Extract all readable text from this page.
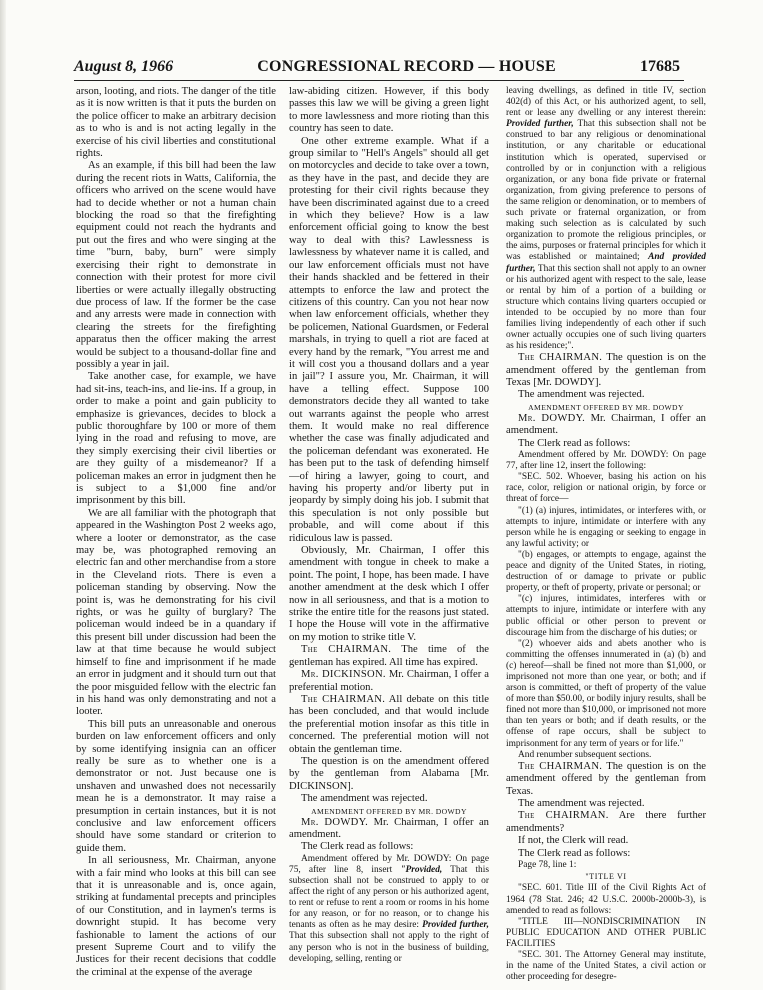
August 8, 1966	CONGRESSIONAL RECORD — HOUSE	17685

arson, looting, and riots. The danger of the title as it is now written is that it puts the burden on the police officer to make an arbitrary decision as to who is and is not acting legally in the exercise of his civil liberties and constitutional rights.

As an example, if this bill had been the law during the recent riots in Watts, California, the officers who arrived on the scene would have had to decide whether or not a human chain blocking the road so that the firefighting equipment could not reach the hydrants and put out the fires and who were singing at the time "burn, baby, burn" were simply exercising their right to demonstrate in connection with their protest for more civil liberties or were actually illegally obstructing due process of law. If the former be the case and any arrests were made in connection with clearing the streets for the firefighting apparatus then the officer making the arrest would be subject to a thousand-dollar fine and possibly a year in jail.

Take another case, for example, we have had sit-ins, teach-ins, and lie-ins. If a group, in order to make a point and gain publicity to emphasize is grievances, decides to block a public thoroughfare by 100 or more of them lying in the road and refusing to move, are they simply exercising their civil liberties or are they guilty of a misdemeanor? If a policeman makes an error in judgment then he is subject to a $1,000 fine and/or imprisonment by this bill.

We are all familiar with the photograph that appeared in the Washington Post 2 weeks ago, where a looter or demonstrator, as the case may be, was photographed removing an electric fan and other merchandise from a store in the Cleveland riots. There is even a policeman standing by observing. Now the point is, was he demonstrating for his civil rights, or was he guilty of burglary? The policeman would indeed be in a quandary if this present bill under discussion had been the law at that time because he would subject himself to fine and imprisonment if he made an error in judgment and it should turn out that the poor misguided fellow with the electric fan in his hand was only demonstrating and not a looter.

This bill puts an unreasonable and onerous burden on law enforcement officers and only by some identifying insignia can an officer really be sure as to whether one is a demonstrator or not. Just because one is unshaven and unwashed does not necessarily mean he is a demonstrator. It may raise a presumption in certain instances, but it is not conclusive and law enforcement officers should have some standard or criterion to guide them.

In all seriousness, Mr. Chairman, anyone with a fair mind who looks at this bill can see that it is unreasonable and is, once again, striking at fundamental precepts and principles of our Constitution, and in laymen's terms is downright stupid. It has become very fashionable to lament the actions of our present Supreme Court and to vilify the Justices for their recent decisions that coddle the criminal at the expense of the average

law-abiding citizen. However, if this body passes this law we will be giving a green light to more lawlessness and more rioting than this country has seen to date.

One other extreme example. What if a group similar to "Hell's Angels" should all get on motorcycles and decide to take over a town, as they have in the past, and decide they are protesting for their civil rights because they have been discriminated against due to a creed in which they believe? How is a law enforcement official going to know the best way to deal with this? Lawlessness is lawlessness by whatever name it is called, and our law enforcement officials must not have their hands shackled and be fettered in their attempts to enforce the law and protect the citizens of this country. Can you not hear now when law enforcement officials, whether they be policemen, National Guardsmen, or Federal marshals, in trying to quell a riot are faced at every hand by the remark, "You arrest me and it will cost you a thousand dollars and a year in jail"? I assure you, Mr. Chairman, it will have a telling effect. Suppose 100 demonstrators decide they all wanted to take out warrants against the people who arrest them. It would make no real difference whether the case was finally adjudicated and the policeman defendant was exonerated. He has been put to the task of defending himself—of hiring a lawyer, going to court, and having his property and/or liberty put in jeopardy by simply doing his job. I submit that this speculation is not only possible but probable, and will come about if this ridiculous law is passed.

Obviously, Mr. Chairman, I offer this amendment with tongue in cheek to make a point. The point, I hope, has been made. I have another amendment at the desk which I offer now in all seriousness, and that is a motion to strike the entire title for the reasons just stated. I hope the House will vote in the affirmative on my motion to strike title V.

The CHAIRMAN. The time of the gentleman has expired. All time has expired.

Mr. DICKINSON. Mr. Chairman, I offer a preferential motion.

The CHAIRMAN. All debate on this title has been concluded, and that would include the preferential motion insofar as this title in concerned. The preferential motion will not obtain the gentleman time.

The question is on the amendment offered by the gentleman from Alabama [Mr. DICKINSON].

The amendment was rejected.

AMENDMENT OFFERED BY MR. DOWDY

Mr. DOWDY. Mr. Chairman, I offer an amendment.

The Clerk read as follows:

Amendment offered by Mr. DOWDY: On page 75, after line 8, insert "Provided, That this subsection shall not be construed to apply to or affect the right of any person or his authorized agent, to rent or refuse to rent a room or rooms in his home for any reason, or for no reason, or to change his tenants as often as he may desire: Provided further, That this subsection shall not apply to the right of any person who is not in the business of building, developing, selling, renting or

leaving dwellings, as defined in title IV, section 402(d) of this Act, or his authorized agent, to sell, rent or lease any dwelling or any interest therein: Provided further, That this subsection shall not be construed to bar any religious or denominational institution, or any charitable or educational institution which is operated, supervised or controlled by or in conjunction with a religious organization, or any bona fide private or fraternal organization, from giving preference to persons of the same religion or denomination, or to members of such private or fraternal organization, or from making such selection as is calculated by such organization to promote the religious principles, or the aims, purposes or fraternal principles for which it was established or maintained; And provided further, That this section shall not apply to an owner or his authorized agent with respect to the sale, lease or rental by him of a portion of a building or structure which contains living quarters occupied or intended to be occupied by no more than four families living independently of each other if such owner actually occupies one of such living quarters as his residence;".

The CHAIRMAN. The question is on the amendment offered by the gentleman from Texas [Mr. DOWDY].

The amendment was rejected.

AMENDMENT OFFERED BY MR. DOWDY

Mr. DOWDY. Mr. Chairman, I offer an amendment.

The Clerk read as follows:

Amendment offered by Mr. DOWDY: On page 77, after line 12, insert the following:

"SEC. 502. Whoever, basing his action on his race, color, religion or national origin, by force or threat of force—

"(1) (a) injures, intimidates, or interferes with, or attempts to injure, intimidate or interfere with any person while he is engaging or seeking to engage in any lawful activity; or

"(b) engages, or attempts to engage, against the peace and dignity of the United States, in rioting, destruction of or damage to private or public property, or theft of property, private or personal; or

"(c) injures, intimidates, interferes with or attempts to injure, intimidate or interfere with any public official or other person to prevent or discourage him from the discharge of his duties; or

"(2) whoever aids and abets another who is committing the offenses innumerated in (a) (b) and (c) hereof—shall be fined not more than $1,000, or imprisoned not more than one year, or both; and if arson is committed, or theft of property of the value of more than $50.00, or bodily injury results, shall be fined not more than $10,000, or imprisoned not more than ten years or both; and if death results, or the offense of rape occurs, shall be subject to imprisonment for any term of years or for life."

And renumber subsequent sections.

The CHAIRMAN. The question is on the amendment offered by the gentleman from Texas.

The amendment was rejected.

The CHAIRMAN. Are there further amendments?

If not, the Clerk will read.

The Clerk read as follows:

Page 78, line 1:

"TITLE VI

"SEC. 601. Title III of the Civil Rights Act of 1964 (78 Stat. 246; 42 U.S.C. 2000b-2000b-3), is amended to read as follows:

"TITLE III—NONDISCRIMINATION IN PUBLIC EDUCATION AND OTHER PUBLIC FACILITIES

"SEC. 301. The Attorney General may institute, in the name of the United States, a civil action or other proceeding for desegre-
